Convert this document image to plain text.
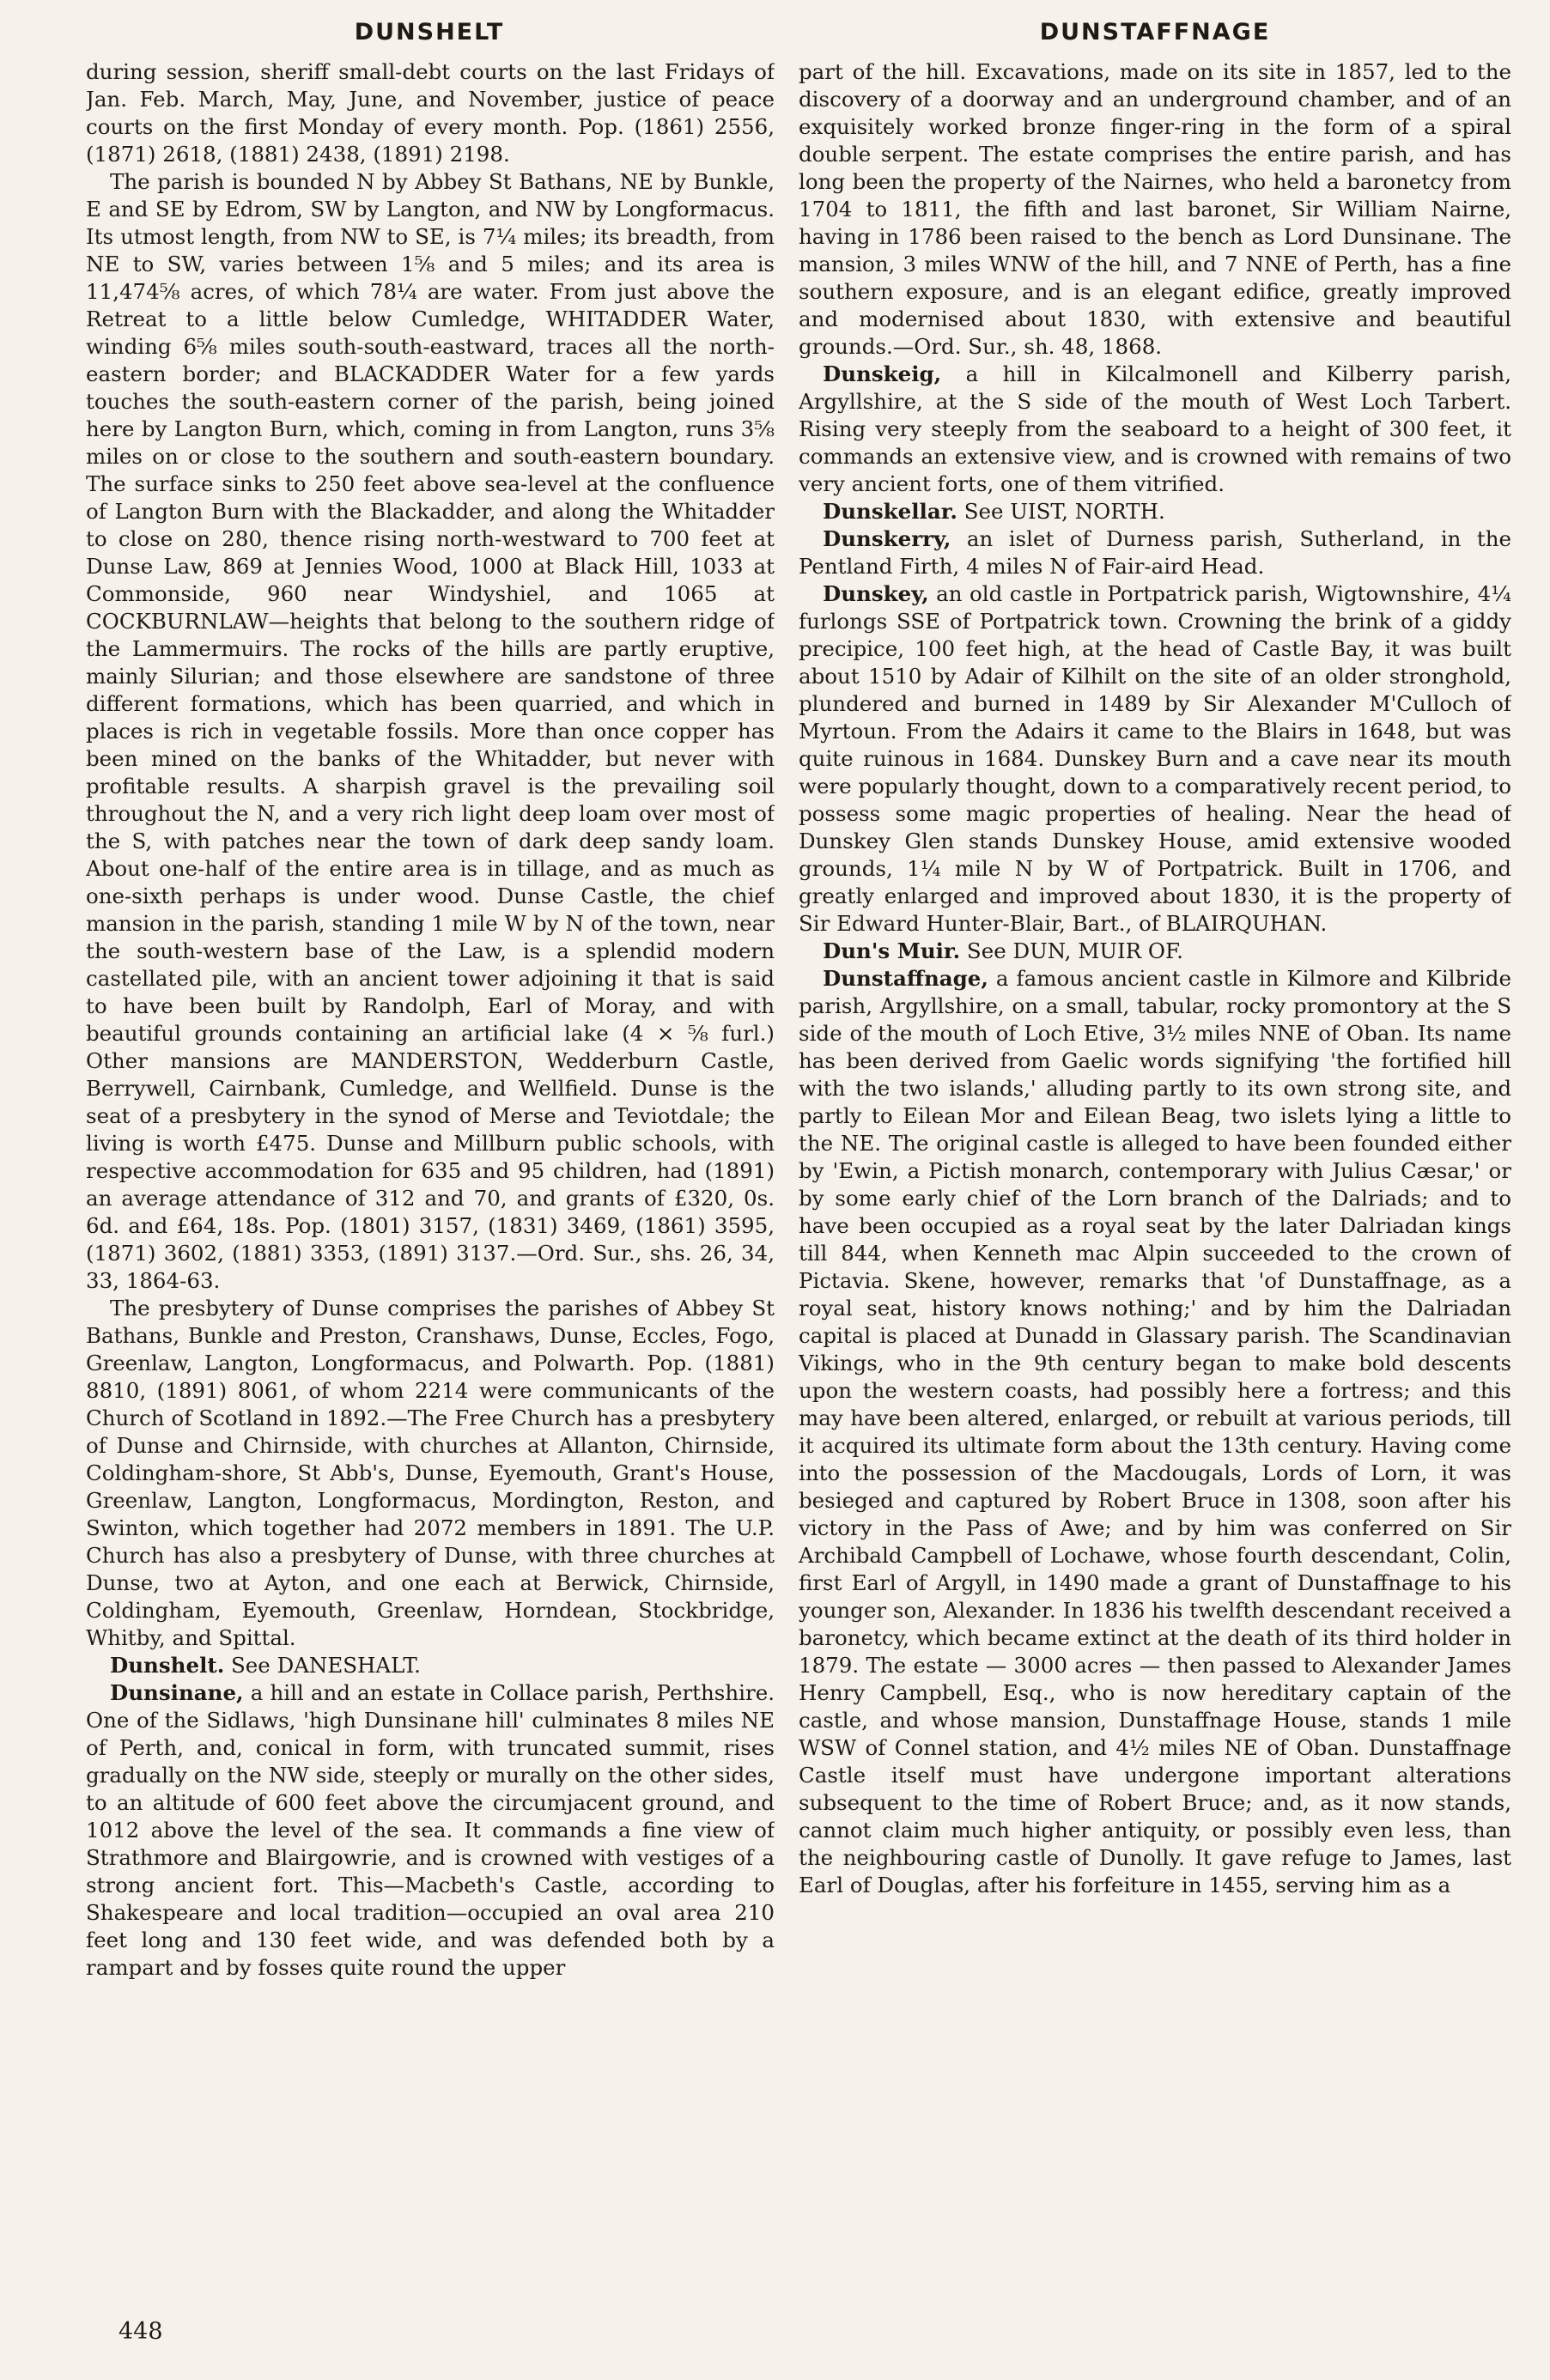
DUNSHELT	DUNSTAFFNAGE

during session, sheriff small-debt courts on the last Fridays of Jan. Feb. March, May, June, and November, justice of peace courts on the first Monday of every month. Pop. (1861) 2556, (1871) 2618, (1881) 2438, (1891) 2198.

The parish is bounded N by Abbey St Bathans, NE by Bunkle, E and SE by Edrom, SW by Langton, and NW by Longformacus. Its utmost length, from NW to SE, is 7¼ miles; its breadth, from NE to SW, varies between 1⅝ and 5 miles; and its area is 11,474⅝ acres, of which 78¼ are water. From just above the Retreat to a little below Cumledge, WHITADDER Water, winding 6⅝ miles south-south-eastward, traces all the north-eastern border; and BLACKADDER Water for a few yards touches the south-eastern corner of the parish, being joined here by Langton Burn, which, coming in from Langton, runs 3⅝ miles on or close to the southern and south-eastern boundary. The surface sinks to 250 feet above sea-level at the confluence of Langton Burn with the Blackadder, and along the Whitadder to close on 280, thence rising north-westward to 700 feet at Dunse Law, 869 at Jennies Wood, 1000 at Black Hill, 1033 at Commonside, 960 near Windyshiel, and 1065 at COCKBURNLAW—heights that belong to the southern ridge of the Lammermuirs. The rocks of the hills are partly eruptive, mainly Silurian; and those elsewhere are sandstone of three different formations, which has been quarried, and which in places is rich in vegetable fossils. More than once copper has been mined on the banks of the Whitadder, but never with profitable results. A sharpish gravel is the prevailing soil throughout the N, and a very rich light deep loam over most of the S, with patches near the town of dark deep sandy loam. About one-half of the entire area is in tillage, and as much as one-sixth perhaps is under wood. Dunse Castle, the chief mansion in the parish, standing 1 mile W by N of the town, near the south-western base of the Law, is a splendid modern castellated pile, with an ancient tower adjoining it that is said to have been built by Randolph, Earl of Moray, and with beautiful grounds containing an artificial lake (4 × ⅝ furl.) Other mansions are MANDERSTON, Wedderburn Castle, Berrywell, Cairnbank, Cumledge, and Wellfield. Dunse is the seat of a presbytery in the synod of Merse and Teviotdale; the living is worth £475. Dunse and Millburn public schools, with respective accommodation for 635 and 95 children, had (1891) an average attendance of 312 and 70, and grants of £320, 0s. 6d. and £64, 18s. Pop. (1801) 3157, (1831) 3469, (1861) 3595, (1871) 3602, (1881) 3353, (1891) 3137.—Ord. Sur., shs. 26, 34, 33, 1864-63.

The presbytery of Dunse comprises the parishes of Abbey St Bathans, Bunkle and Preston, Cranshaws, Dunse, Eccles, Fogo, Greenlaw, Langton, Longformacus, and Polwarth. Pop. (1881) 8810, (1891) 8061, of whom 2214 were communicants of the Church of Scotland in 1892.—The Free Church has a presbytery of Dunse and Chirnside, with churches at Allanton, Chirnside, Coldingham-shore, St Abb's, Dunse, Eyemouth, Grant's House, Greenlaw, Langton, Longformacus, Mordington, Reston, and Swinton, which together had 2072 members in 1891. The U.P. Church has also a presbytery of Dunse, with three churches at Dunse, two at Ayton, and one each at Berwick, Chirnside, Coldingham, Eyemouth, Greenlaw, Horndean, Stockbridge, Whitby, and Spittal.

Dunshelt. See DANESHALT.

Dunsinane, a hill and an estate in Collace parish, Perthshire. One of the Sidlaws, 'high Dunsinane hill' culminates 8 miles NE of Perth, and, conical in form, with truncated summit, rises gradually on the NW side, steeply or murally on the other sides, to an altitude of 600 feet above the circumjacent ground, and 1012 above the level of the sea. It commands a fine view of Strathmore and Blairgowrie, and is crowned with vestiges of a strong ancient fort. This—Macbeth's Castle, according to Shakespeare and local tradition—occupied an oval area 210 feet long and 130 feet wide, and was defended both by a rampart and by fosses quite round the upper

part of the hill. Excavations, made on its site in 1857, led to the discovery of a doorway and an underground chamber, and of an exquisitely worked bronze finger-ring in the form of a spiral double serpent. The estate comprises the entire parish, and has long been the property of the Nairnes, who held a baronetcy from 1704 to 1811, the fifth and last baronet, Sir William Nairne, having in 1786 been raised to the bench as Lord Dunsinane. The mansion, 3 miles WNW of the hill, and 7 NNE of Perth, has a fine southern exposure, and is an elegant edifice, greatly improved and modernised about 1830, with extensive and beautiful grounds.—Ord. Sur., sh. 48, 1868.

Dunskeig, a hill in Kilcalmonell and Kilberry parish, Argyllshire, at the S side of the mouth of West Loch Tarbert. Rising very steeply from the seaboard to a height of 300 feet, it commands an extensive view, and is crowned with remains of two very ancient forts, one of them vitrified.

Dunskellar. See UIST, NORTH.

Dunskerry, an islet of Durness parish, Sutherland, in the Pentland Firth, 4 miles N of Fair-aird Head.

Dunskey, an old castle in Portpatrick parish, Wigtownshire, 4¼ furlongs SSE of Portpatrick town. Crowning the brink of a giddy precipice, 100 feet high, at the head of Castle Bay, it was built about 1510 by Adair of Kilhilt on the site of an older stronghold, plundered and burned in 1489 by Sir Alexander M'Culloch of Myrtoun. From the Adairs it came to the Blairs in 1648, but was quite ruinous in 1684. Dunskey Burn and a cave near its mouth were popularly thought, down to a comparatively recent period, to possess some magic properties of healing. Near the head of Dunskey Glen stands Dunskey House, amid extensive wooded grounds, 1¼ mile N by W of Portpatrick. Built in 1706, and greatly enlarged and improved about 1830, it is the property of Sir Edward Hunter-Blair, Bart., of BLAIRQUHAN.

Dun's Muir. See DUN, MUIR OF.

Dunstaffnage, a famous ancient castle in Kilmore and Kilbride parish, Argyllshire, on a small, tabular, rocky promontory at the S side of the mouth of Loch Etive, 3½ miles NNE of Oban. Its name has been derived from Gaelic words signifying 'the fortified hill with the two islands,' alluding partly to its own strong site, and partly to Eilean Mor and Eilean Beag, two islets lying a little to the NE. The original castle is alleged to have been founded either by 'Ewin, a Pictish monarch, contemporary with Julius Cæsar,' or by some early chief of the Lorn branch of the Dalriads; and to have been occupied as a royal seat by the later Dalriadan kings till 844, when Kenneth mac Alpin succeeded to the crown of Pictavia. Skene, however, remarks that 'of Dunstaffnage, as a royal seat, history knows nothing;' and by him the Dalriadan capital is placed at Dunadd in Glassary parish. The Scandinavian Vikings, who in the 9th century began to make bold descents upon the western coasts, had possibly here a fortress; and this may have been altered, enlarged, or rebuilt at various periods, till it acquired its ultimate form about the 13th century. Having come into the possession of the Macdougals, Lords of Lorn, it was besieged and captured by Robert Bruce in 1308, soon after his victory in the Pass of Awe; and by him was conferred on Sir Archibald Campbell of Lochawe, whose fourth descendant, Colin, first Earl of Argyll, in 1490 made a grant of Dunstaffnage to his younger son, Alexander. In 1836 his twelfth descendant received a baronetcy, which became extinct at the death of its third holder in 1879. The estate — 3000 acres — then passed to Alexander James Henry Campbell, Esq., who is now hereditary captain of the castle, and whose mansion, Dunstaffnage House, stands 1 mile WSW of Connel station, and 4½ miles NE of Oban. Dunstaffnage Castle itself must have undergone important alterations subsequent to the time of Robert Bruce; and, as it now stands, cannot claim much higher antiquity, or possibly even less, than the neighbouring castle of Dunolly. It gave refuge to James, last Earl of Douglas, after his forfeiture in 1455, serving him as a

448
